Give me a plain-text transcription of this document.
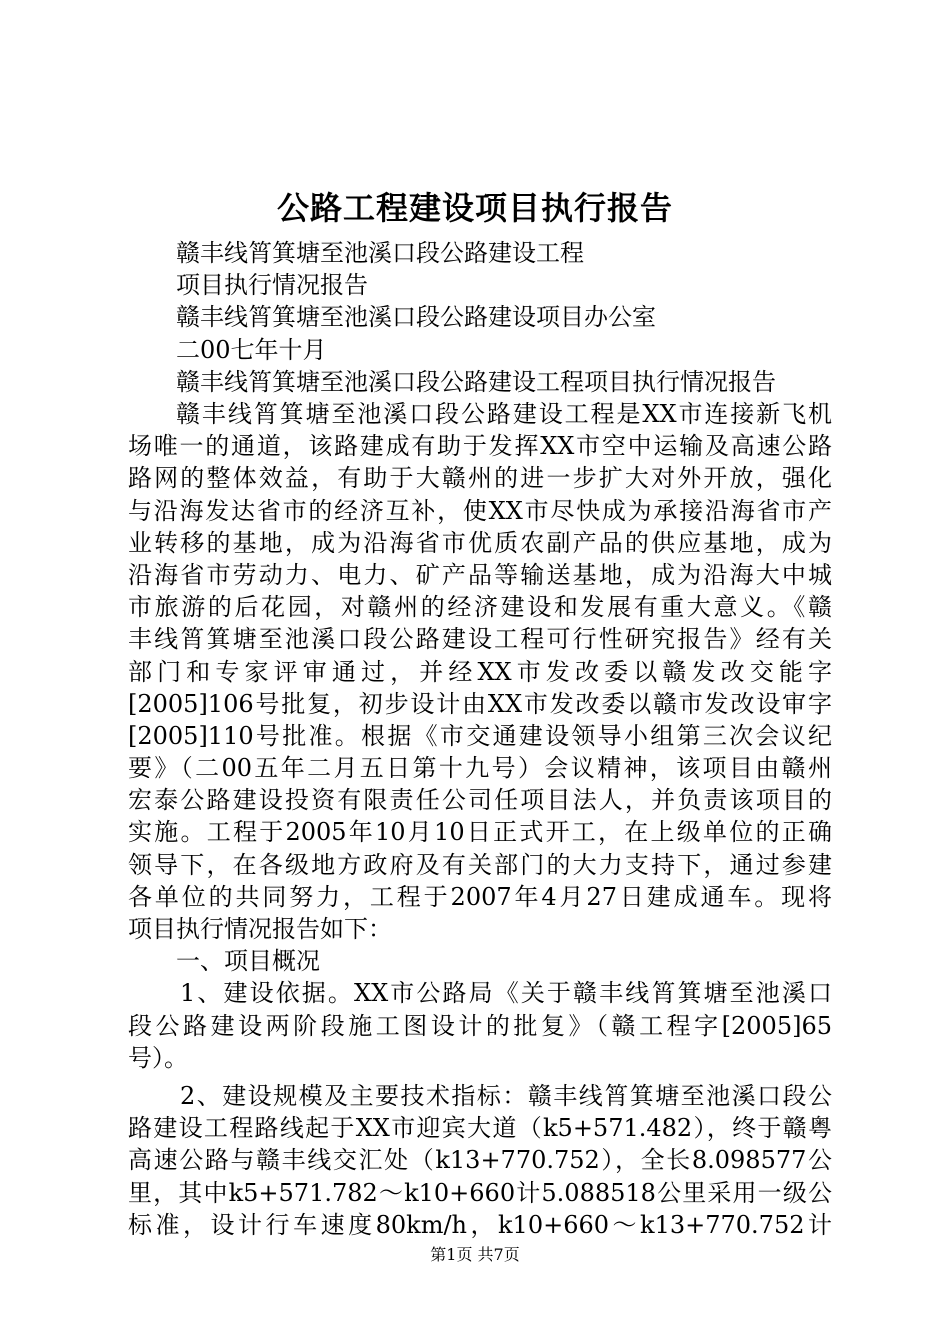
公路工程建设项目执行报告
赣丰线筲箕塘至池溪口段公路建设工程
项目执行情况报告
赣丰线筲箕塘至池溪口段公路建设项目办公室
二00七年十月
赣丰线筲箕塘至池溪口段公路建设工程项目执行情况报告
赣丰线筲箕塘至池溪口段公路建设工程是XX市连接新飞机
场唯一的通道，该路建成有助于发挥XX市空中运输及高速公路
路网的整体效益，有助于大赣州的进一步扩大对外开放，强化
与沿海发达省市的经济互补，使XX市尽快成为承接沿海省市产
业转移的基地，成为沿海省市优质农副产品的供应基地，成为
沿海省市劳动力、电力、矿产品等输送基地，成为沿海大中城
市旅游的后花园，对赣州的经济建设和发展有重大意义。《赣
丰线筲箕塘至池溪口段公路建设工程可行性研究报告》经有关
部门和专家评审通过，并经XX市发改委以赣发改交能字
[2005]106号批复，初步设计由XX市发改委以赣市发改设审字
[2005]110号批准。根据《市交通建设领导小组第三次会议纪
要》（二00五年二月五日第十九号）会议精神，该项目由赣州
宏泰公路建设投资有限责任公司任项目法人，并负责该项目的
实施。工程于2005年10月10日正式开工，在上级单位的正确
领导下，在各级地方政府及有关部门的大力支持下，通过参建
各单位的共同努力，工程于2007年4月27日建成通车。现将
项目执行情况报告如下：
一、项目概况
1、建设依据。XX市公路局《关于赣丰线筲箕塘至池溪口
段公路建设两阶段施工图设计的批复》（赣工程字[2005]65
号）。
2、建设规模及主要技术指标：赣丰线筲箕塘至池溪口段公
路建设工程路线起于XX市迎宾大道（k5+571.482），终于赣粤
高速公路与赣丰线交汇处（k13+770.752），全长8.098577公
里，其中k5+571.782～k10+660计5.088518公里采用一级公
标准，设计行车速度80km/h，k10+660～k13+770.752计
第1页 共7页
